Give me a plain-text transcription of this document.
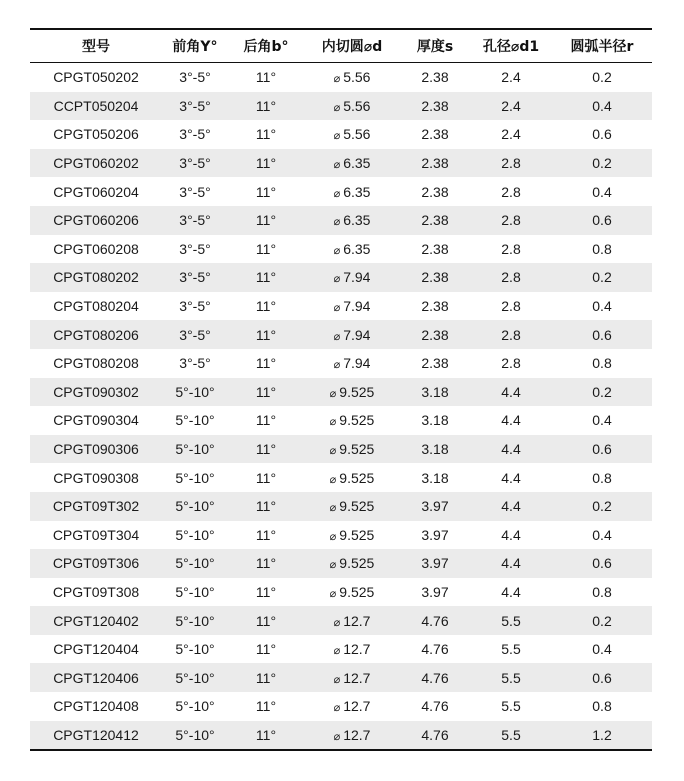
型号	前角Y°	后角b°	内切圆⌀d	厚度s	孔径⌀d1	圆弧半径r
CPGT050202	3°-5°	11°	⌀ 5.56	2.38	2.4	0.2
CCPT050204	3°-5°	11°	⌀ 5.56	2.38	2.4	0.4
CPGT050206	3°-5°	11°	⌀ 5.56	2.38	2.4	0.6
CPGT060202	3°-5°	11°	⌀ 6.35	2.38	2.8	0.2
CPGT060204	3°-5°	11°	⌀ 6.35	2.38	2.8	0.4
CPGT060206	3°-5°	11°	⌀ 6.35	2.38	2.8	0.6
CPGT060208	3°-5°	11°	⌀ 6.35	2.38	2.8	0.8
CPGT080202	3°-5°	11°	⌀ 7.94	2.38	2.8	0.2
CPGT080204	3°-5°	11°	⌀ 7.94	2.38	2.8	0.4
CPGT080206	3°-5°	11°	⌀ 7.94	2.38	2.8	0.6
CPGT080208	3°-5°	11°	⌀ 7.94	2.38	2.8	0.8
CPGT090302	5°-10°	11°	⌀ 9.525	3.18	4.4	0.2
CPGT090304	5°-10°	11°	⌀ 9.525	3.18	4.4	0.4
CPGT090306	5°-10°	11°	⌀ 9.525	3.18	4.4	0.6
CPGT090308	5°-10°	11°	⌀ 9.525	3.18	4.4	0.8
CPGT09T302	5°-10°	11°	⌀ 9.525	3.97	4.4	0.2
CPGT09T304	5°-10°	11°	⌀ 9.525	3.97	4.4	0.4
CPGT09T306	5°-10°	11°	⌀ 9.525	3.97	4.4	0.6
CPGT09T308	5°-10°	11°	⌀ 9.525	3.97	4.4	0.8
CPGT120402	5°-10°	11°	⌀ 12.7	4.76	5.5	0.2
CPGT120404	5°-10°	11°	⌀ 12.7	4.76	5.5	0.4
CPGT120406	5°-10°	11°	⌀ 12.7	4.76	5.5	0.6
CPGT120408	5°-10°	11°	⌀ 12.7	4.76	5.5	0.8
CPGT120412	5°-10°	11°	⌀ 12.7	4.76	5.5	1.2
